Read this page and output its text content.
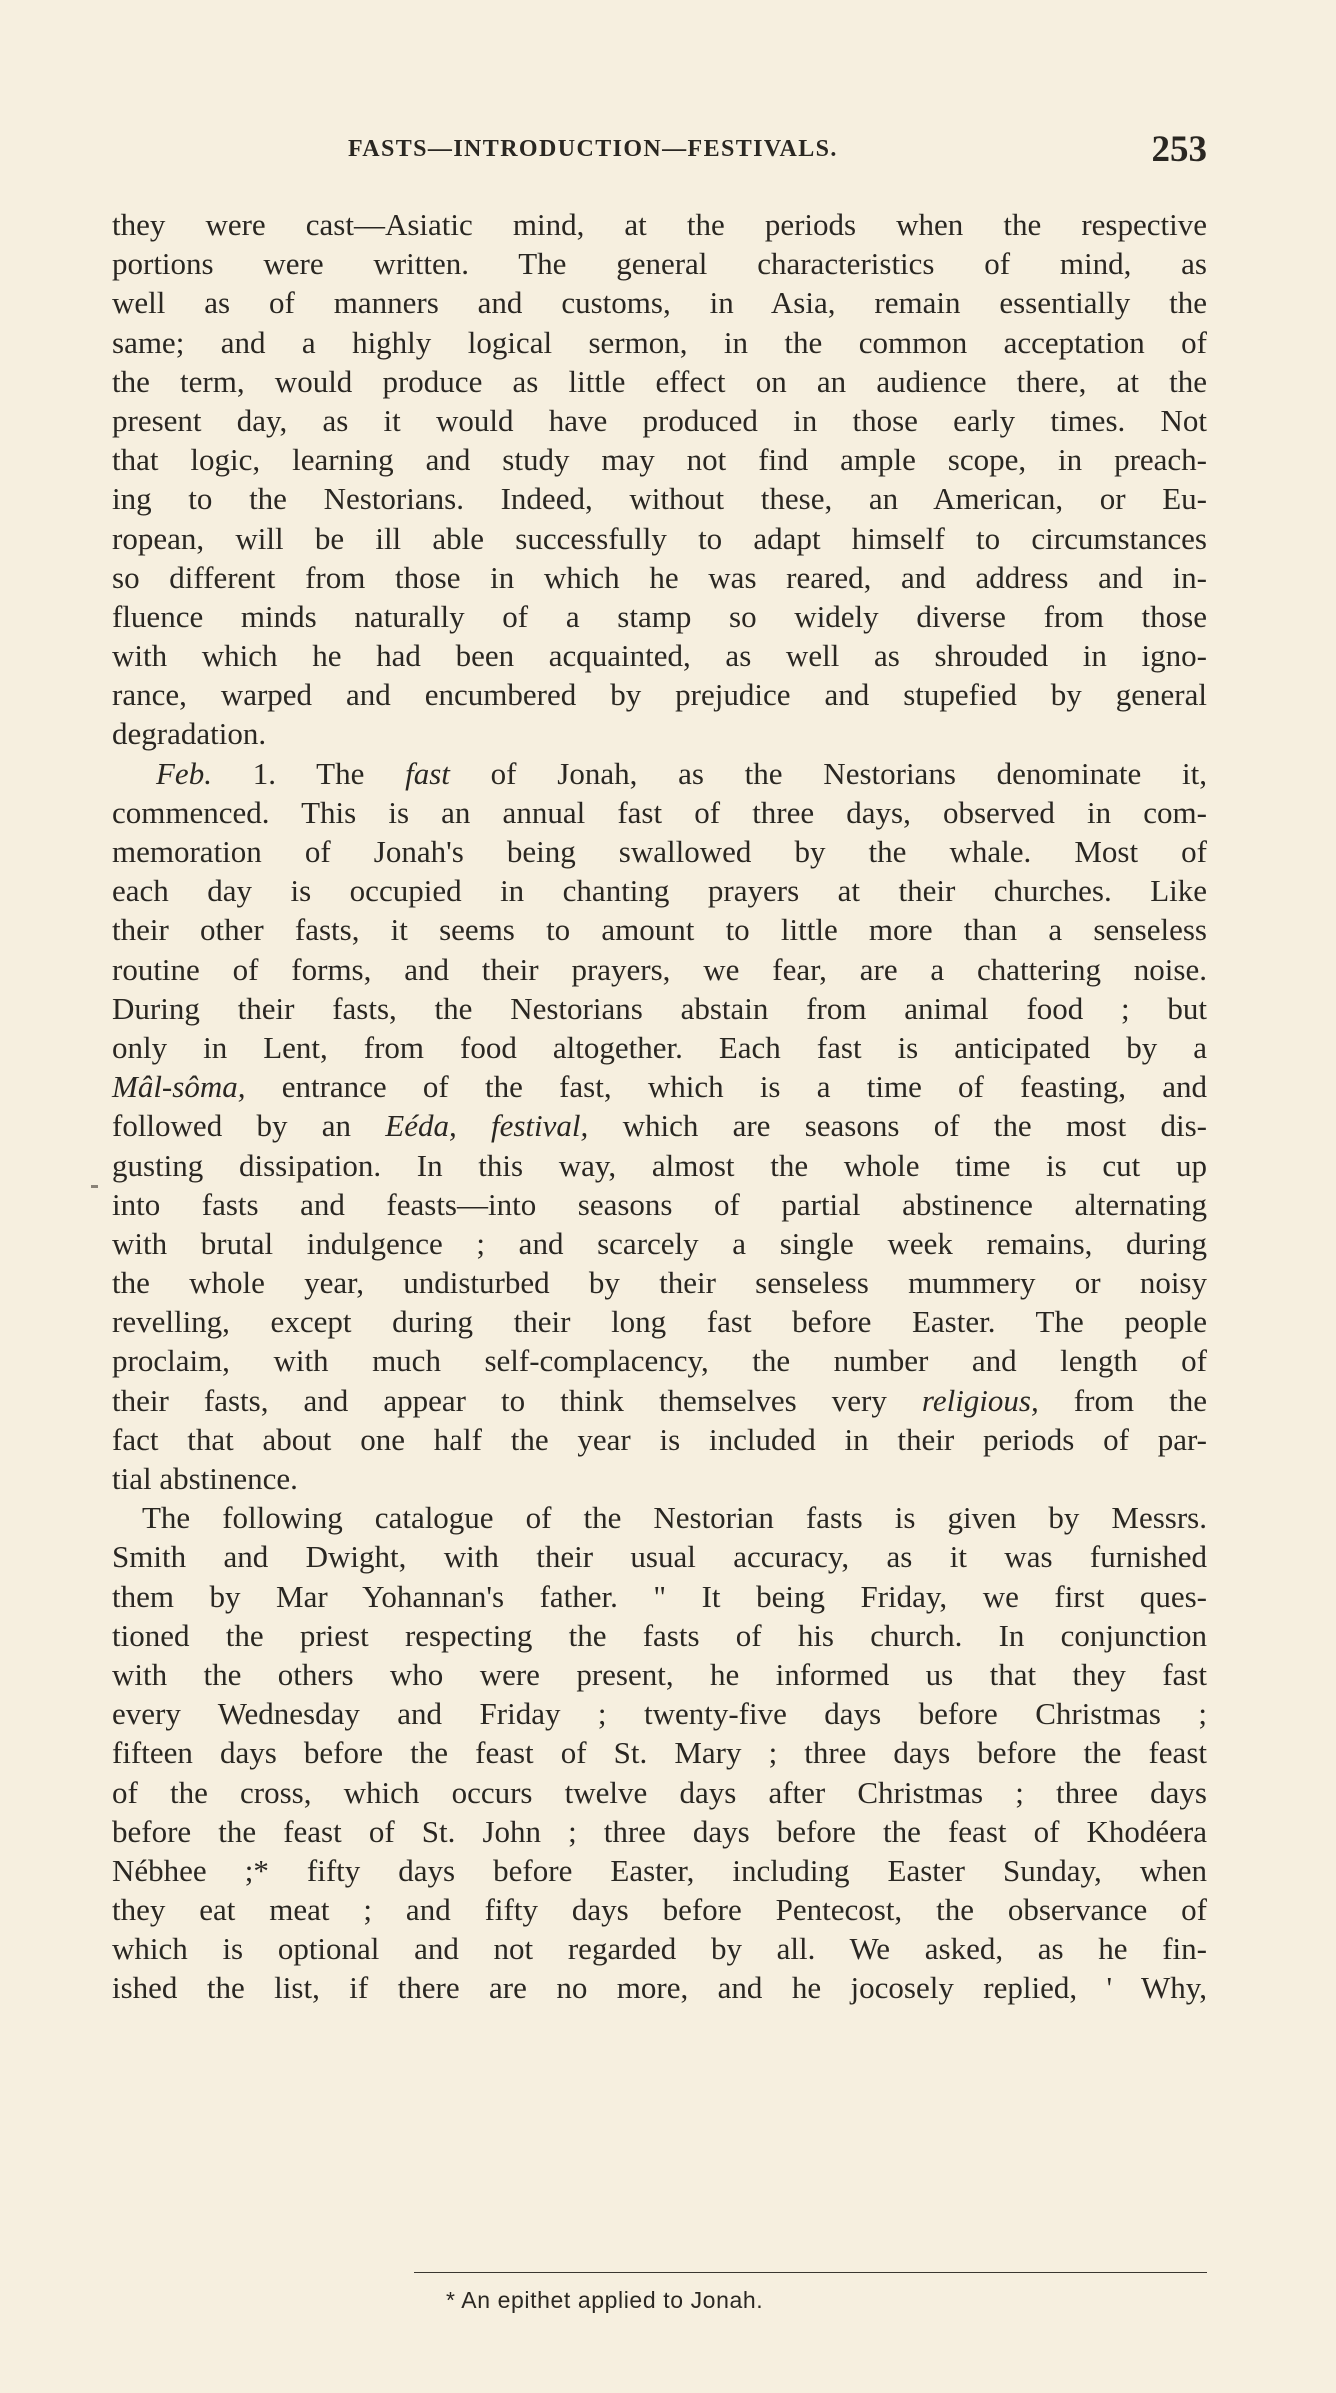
FASTS—INTRODUCTION—FESTIVALS.	253
they were cast—Asiatic mind, at the periods when the respective
portions were written. The general characteristics of mind, as
well as of manners and customs, in Asia, remain essentially the
same; and a highly logical sermon, in the common acceptation of
the term, would produce as little effect on an audience there, at the
present day, as it would have produced in those early times. Not
that logic, learning and study may not find ample scope, in preach-
ing to the Nestorians. Indeed, without these, an American, or Eu-
ropean, will be ill able successfully to adapt himself to circumstances
so different from those in which he was reared, and address and in-
fluence minds naturally of a stamp so widely diverse from those
with which he had been acquainted, as well as shrouded in igno-
rance, warped and encumbered by prejudice and stupefied by general
degradation.
Feb. 1. The fast of Jonah, as the Nestorians denominate it,
commenced. This is an annual fast of three days, observed in com-
memoration of Jonah's being swallowed by the whale. Most of
each day is occupied in chanting prayers at their churches. Like
their other fasts, it seems to amount to little more than a senseless
routine of forms, and their prayers, we fear, are a chattering noise.
During their fasts, the Nestorians abstain from animal food ; but
only in Lent, from food altogether. Each fast is anticipated by a
Mâl-sôma, entrance of the fast, which is a time of feasting, and
followed by an Eéda, festival, which are seasons of the most dis-
gusting dissipation. In this way, almost the whole time is cut up
into fasts and feasts—into seasons of partial abstinence alternating
with brutal indulgence ; and scarcely a single week remains, during
the whole year, undisturbed by their senseless mummery or noisy
revelling, except during their long fast before Easter. The people
proclaim, with much self-complacency, the number and length of
their fasts, and appear to think themselves very religious, from the
fact that about one half the year is included in their periods of par-
tial abstinence.
The following catalogue of the Nestorian fasts is given by Messrs.
Smith and Dwight, with their usual accuracy, as it was furnished
them by Mar Yohannan's father. " It being Friday, we first ques-
tioned the priest respecting the fasts of his church. In conjunction
with the others who were present, he informed us that they fast
every Wednesday and Friday ; twenty-five days before Christmas ;
fifteen days before the feast of St. Mary ; three days before the feast
of the cross, which occurs twelve days after Christmas ; three days
before the feast of St. John ; three days before the feast of Khodéera
Nébhee ;* fifty days before Easter, including Easter Sunday, when
they eat meat ; and fifty days before Pentecost, the observance of
which is optional and not regarded by all. We asked, as he fin-
ished the list, if there are no more, and he jocosely replied, ' Why,
* An epithet applied to Jonah.
